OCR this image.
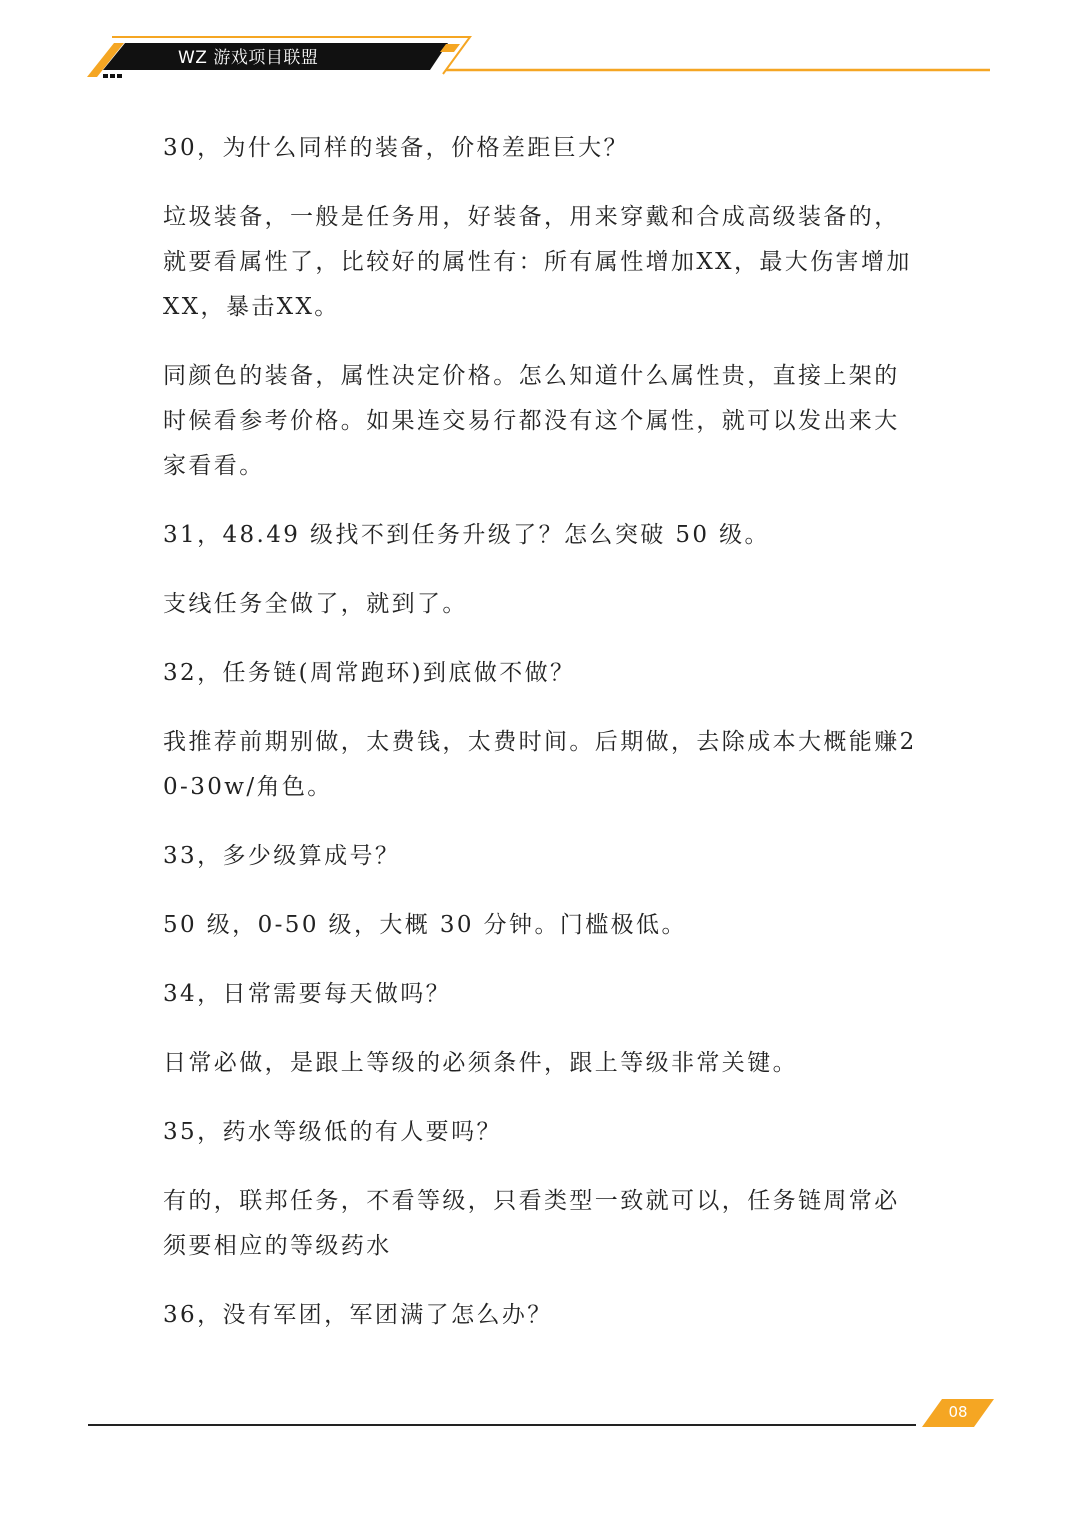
WZ 游戏项目联盟

30，为什么同样的装备，价格差距巨大？

垃圾装备，一般是任务用，好装备，用来穿戴和合成高级装备的，就要看属性了，比较好的属性有：所有属性增加XX，最大伤害增加XX，暴击XX。

同颜色的装备，属性决定价格。怎么知道什么属性贵，直接上架的时候看参考价格。如果连交易行都没有这个属性，就可以发出来大家看看。

31，48.49 级找不到任务升级了？怎么突破 50 级。

支线任务全做了，就到了。

32，任务链(周常跑环)到底做不做？

我推荐前期别做，太费钱，太费时间。后期做，去除成本大概能赚20-30w/角色。

33，多少级算成号？

50 级，0-50 级，大概 30 分钟。门槛极低。

34，日常需要每天做吗？

日常必做，是跟上等级的必须条件，跟上等级非常关键。

35，药水等级低的有人要吗？

有的，联邦任务，不看等级，只看类型一致就可以，任务链周常必须要相应的等级药水

36，没有军团，军团满了怎么办？

08
